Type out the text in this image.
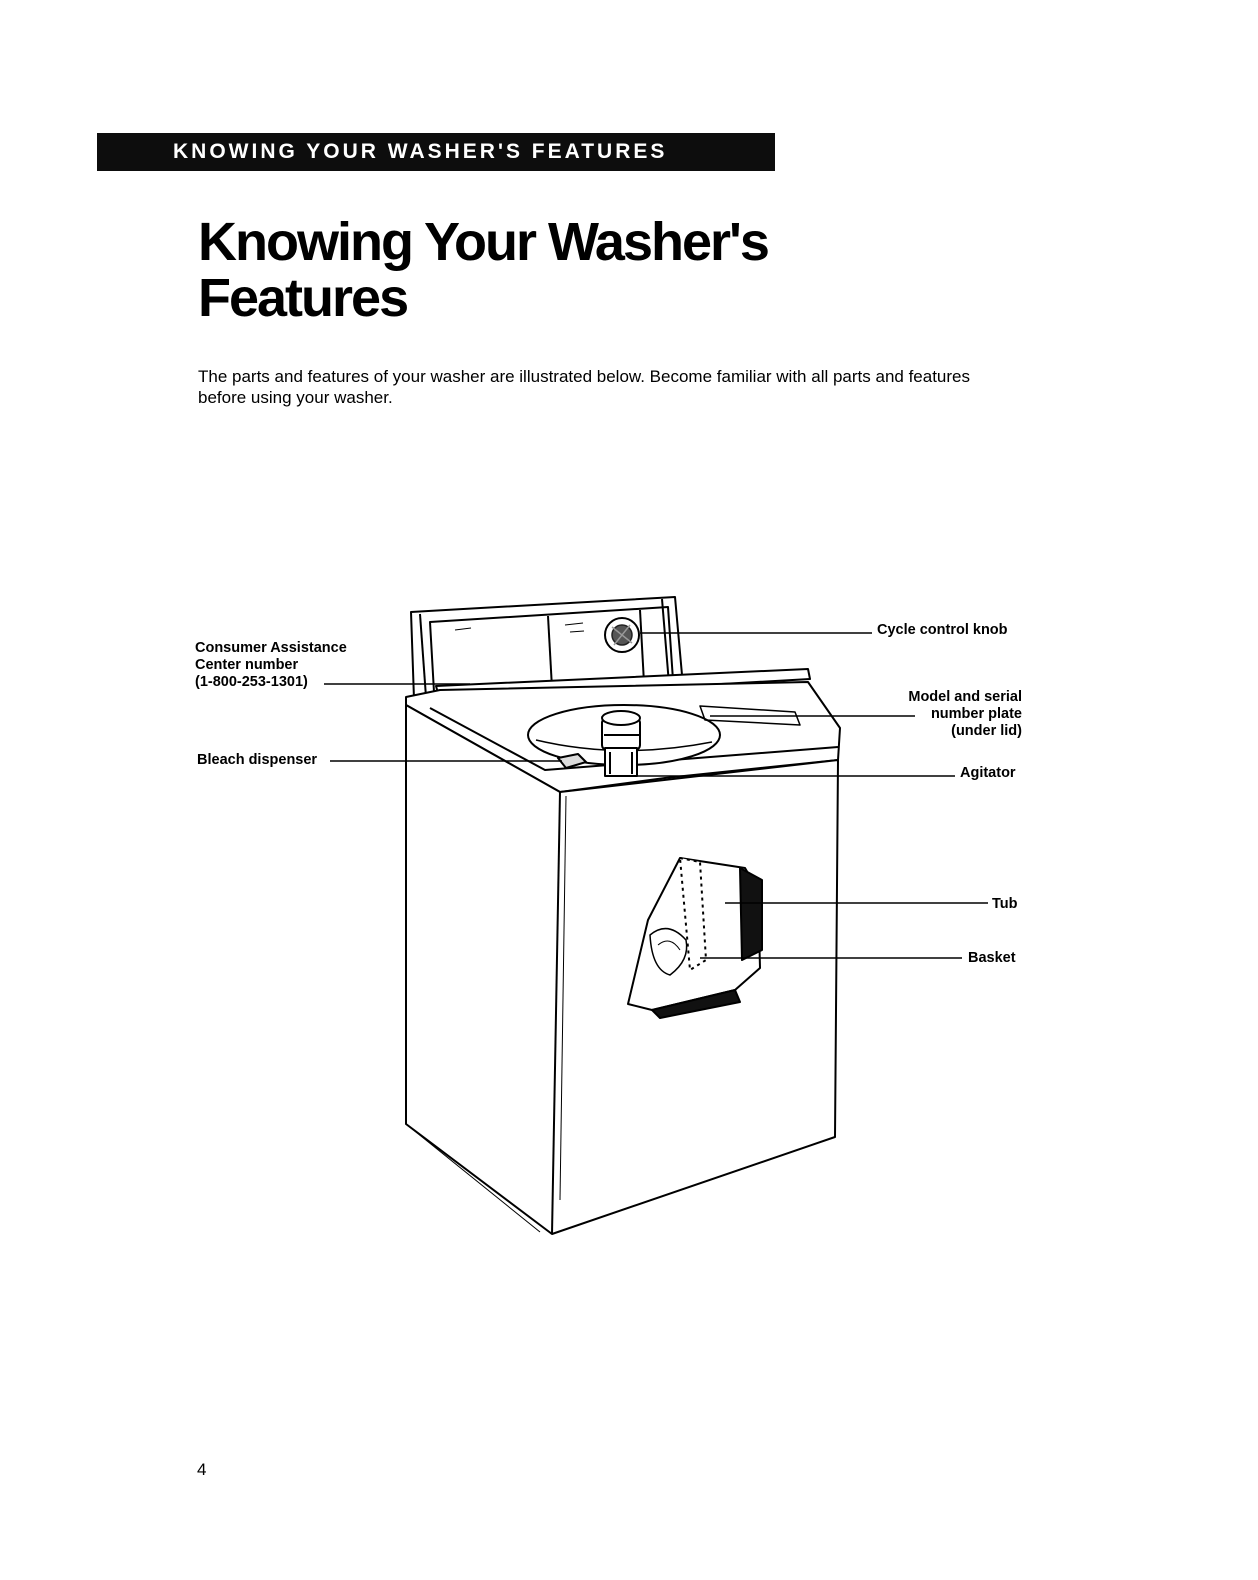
KNOWING YOUR WASHER'S FEATURES
Knowing Your Washer's
Features

The parts and features of your washer are illustrated below. Become familiar with all parts and features before using your washer.

Consumer Assistance
Center number
(1-800-253-1301)
Bleach dispenser
Cycle control knob
Model and serial
number plate
(under lid)
Agitator
Tub
Basket
4
